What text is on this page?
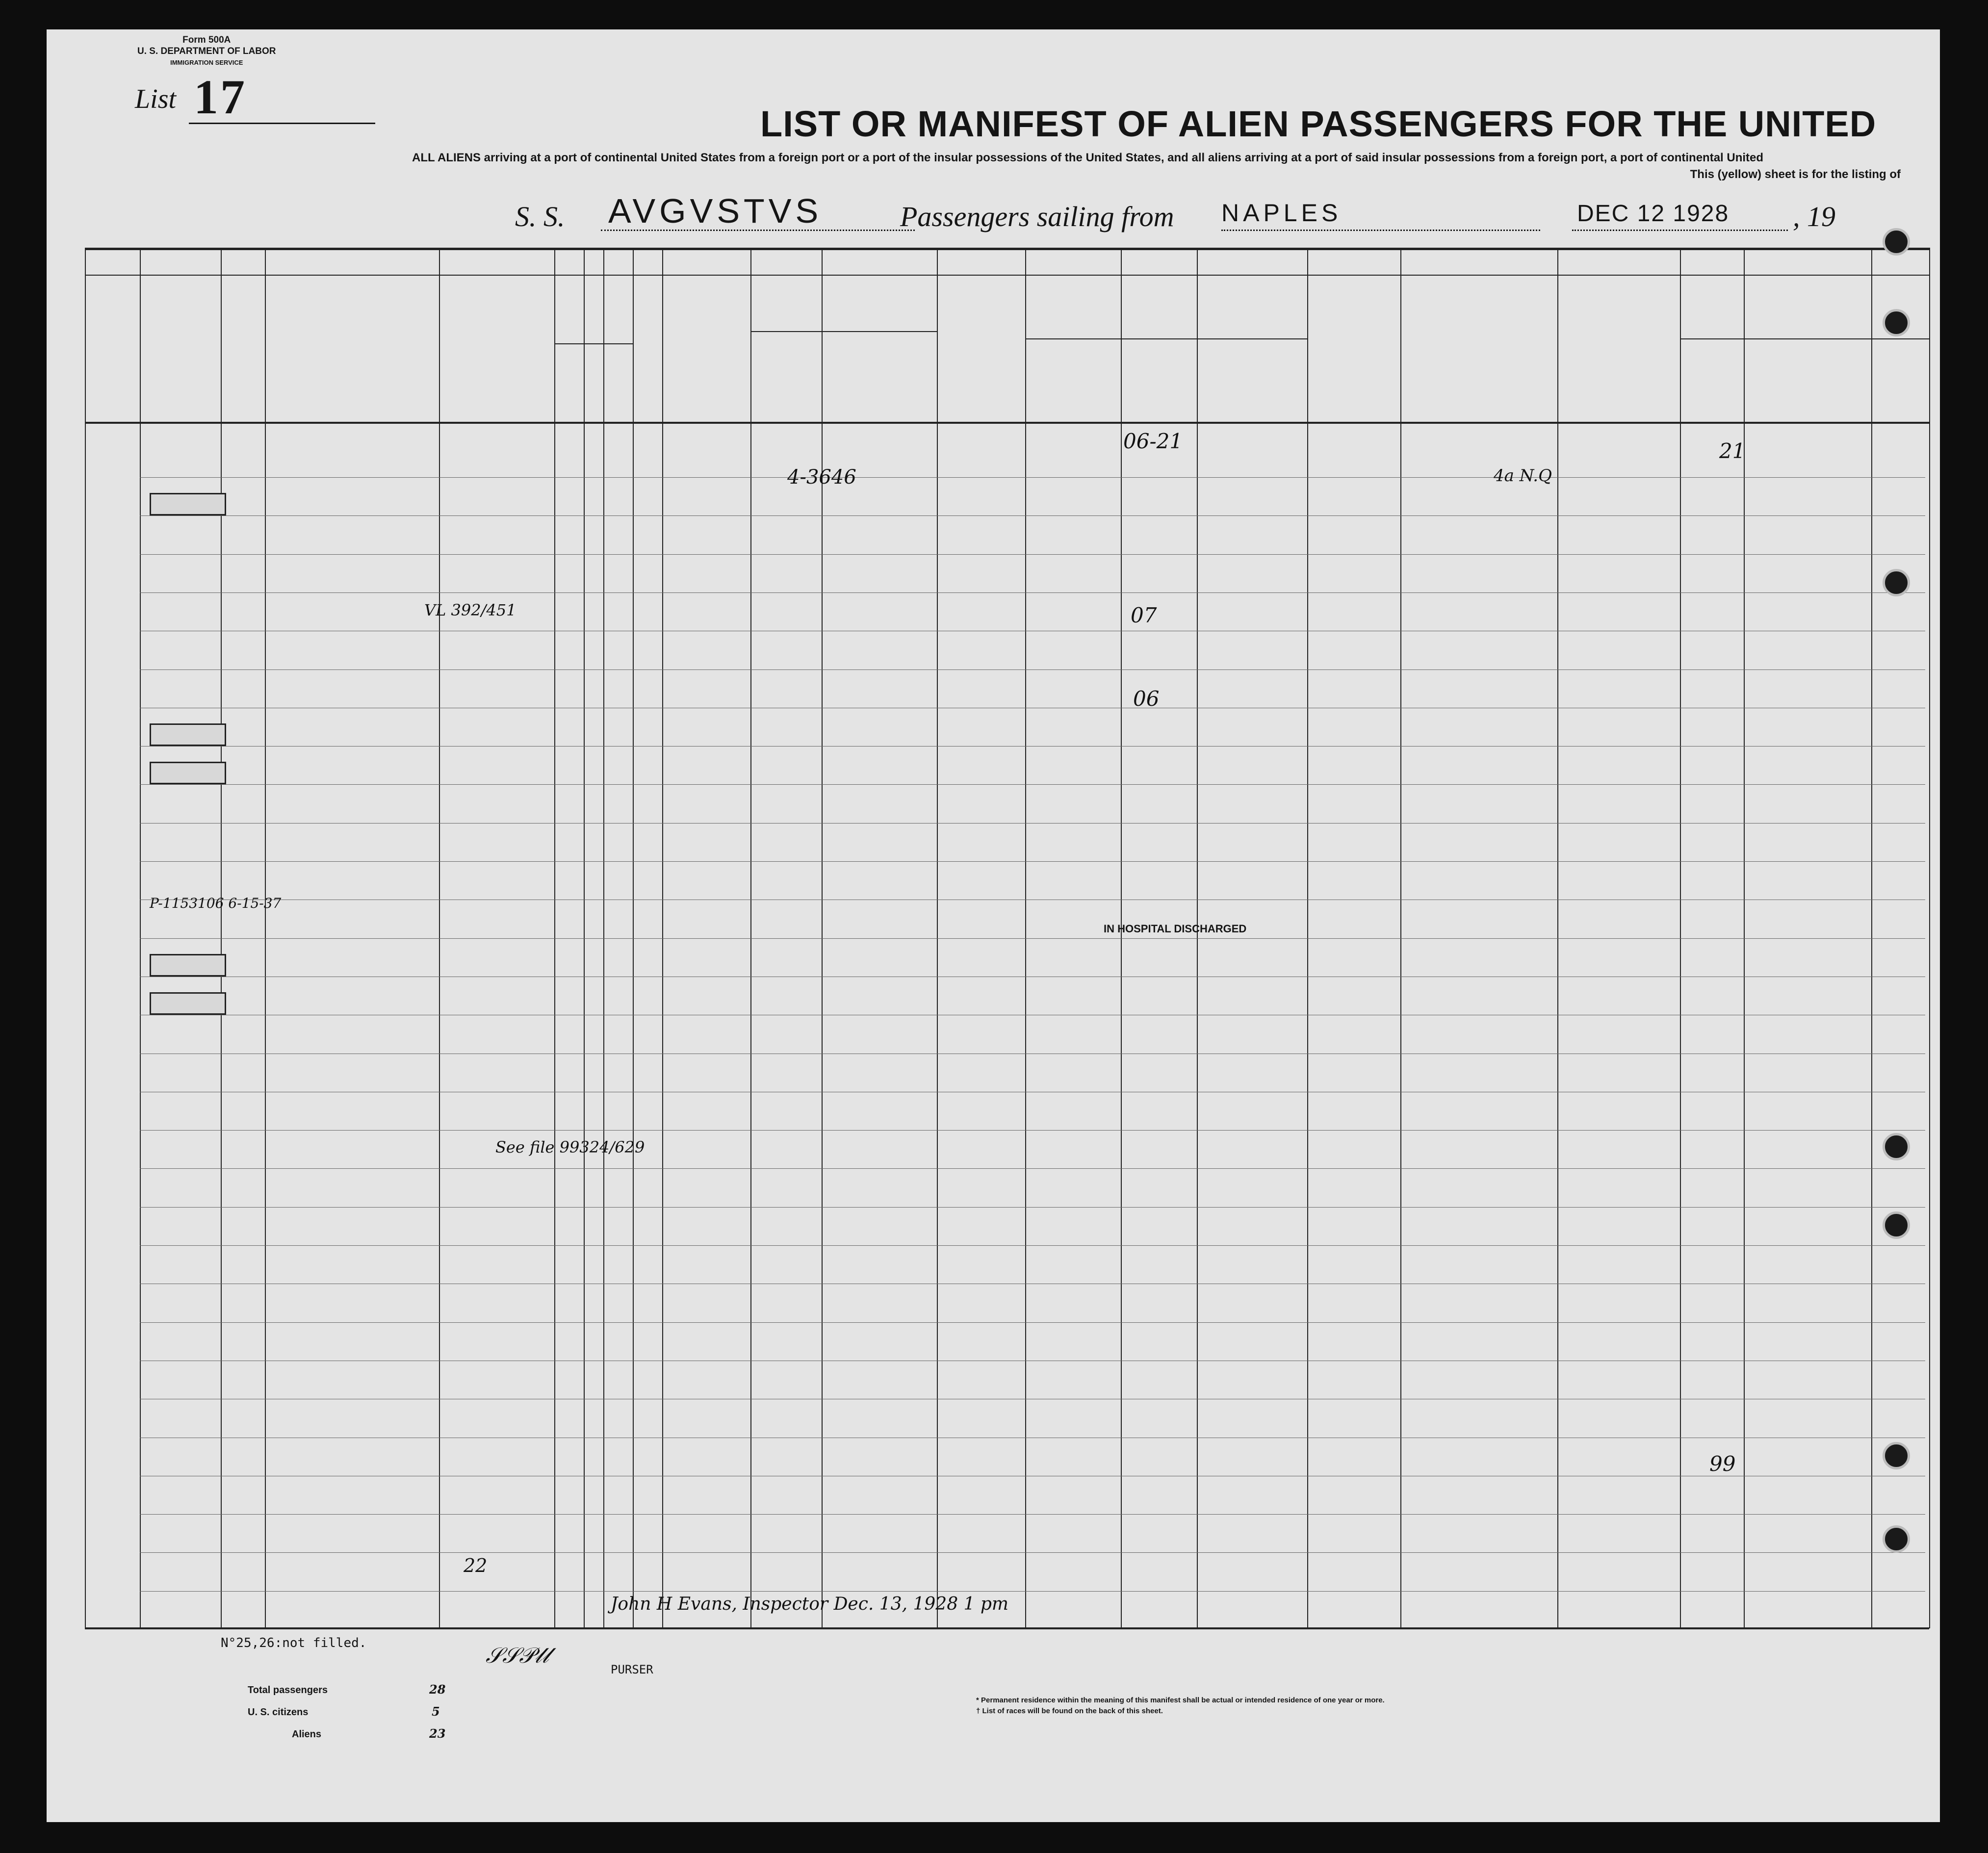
Form 500A
U. S. DEPARTMENT OF LABOR
IMMIGRATION SERVICE
List 17	LIST OR MANIFEST OF ALIEN PASSENGERS FOR THE UNITED
ALL ALIENS arriving at a port of continental United States from a foreign port or a port of the insular possessions of the United States, and all aliens arriving at a port of said insular possessions from a foreign port, a port of continental United
This (yellow) sheet is for the listing of
S. S. AVGVSTVS	Passengers sailing from NAPLES	DEC 12 1928 , 19
IN HOSPITAL DISCHARGED
06-21
07
06
4-3646	4a N.Q
21
VL 392/451
P-1153106 6-15-37
See file 99324/629
John H Evans, Inspector Dec. 13, 1928 1 pm
22
99
N°25,26:not filled.	𝒮𝒮𝒫𝓁𝓁
PURSER
Total passengers	28
U. S. citizens	5
Aliens	23
* Permanent residence within the meaning of this manifest shall be actual or intended residence of one year or more.
† List of races will be found on the back of this sheet.
